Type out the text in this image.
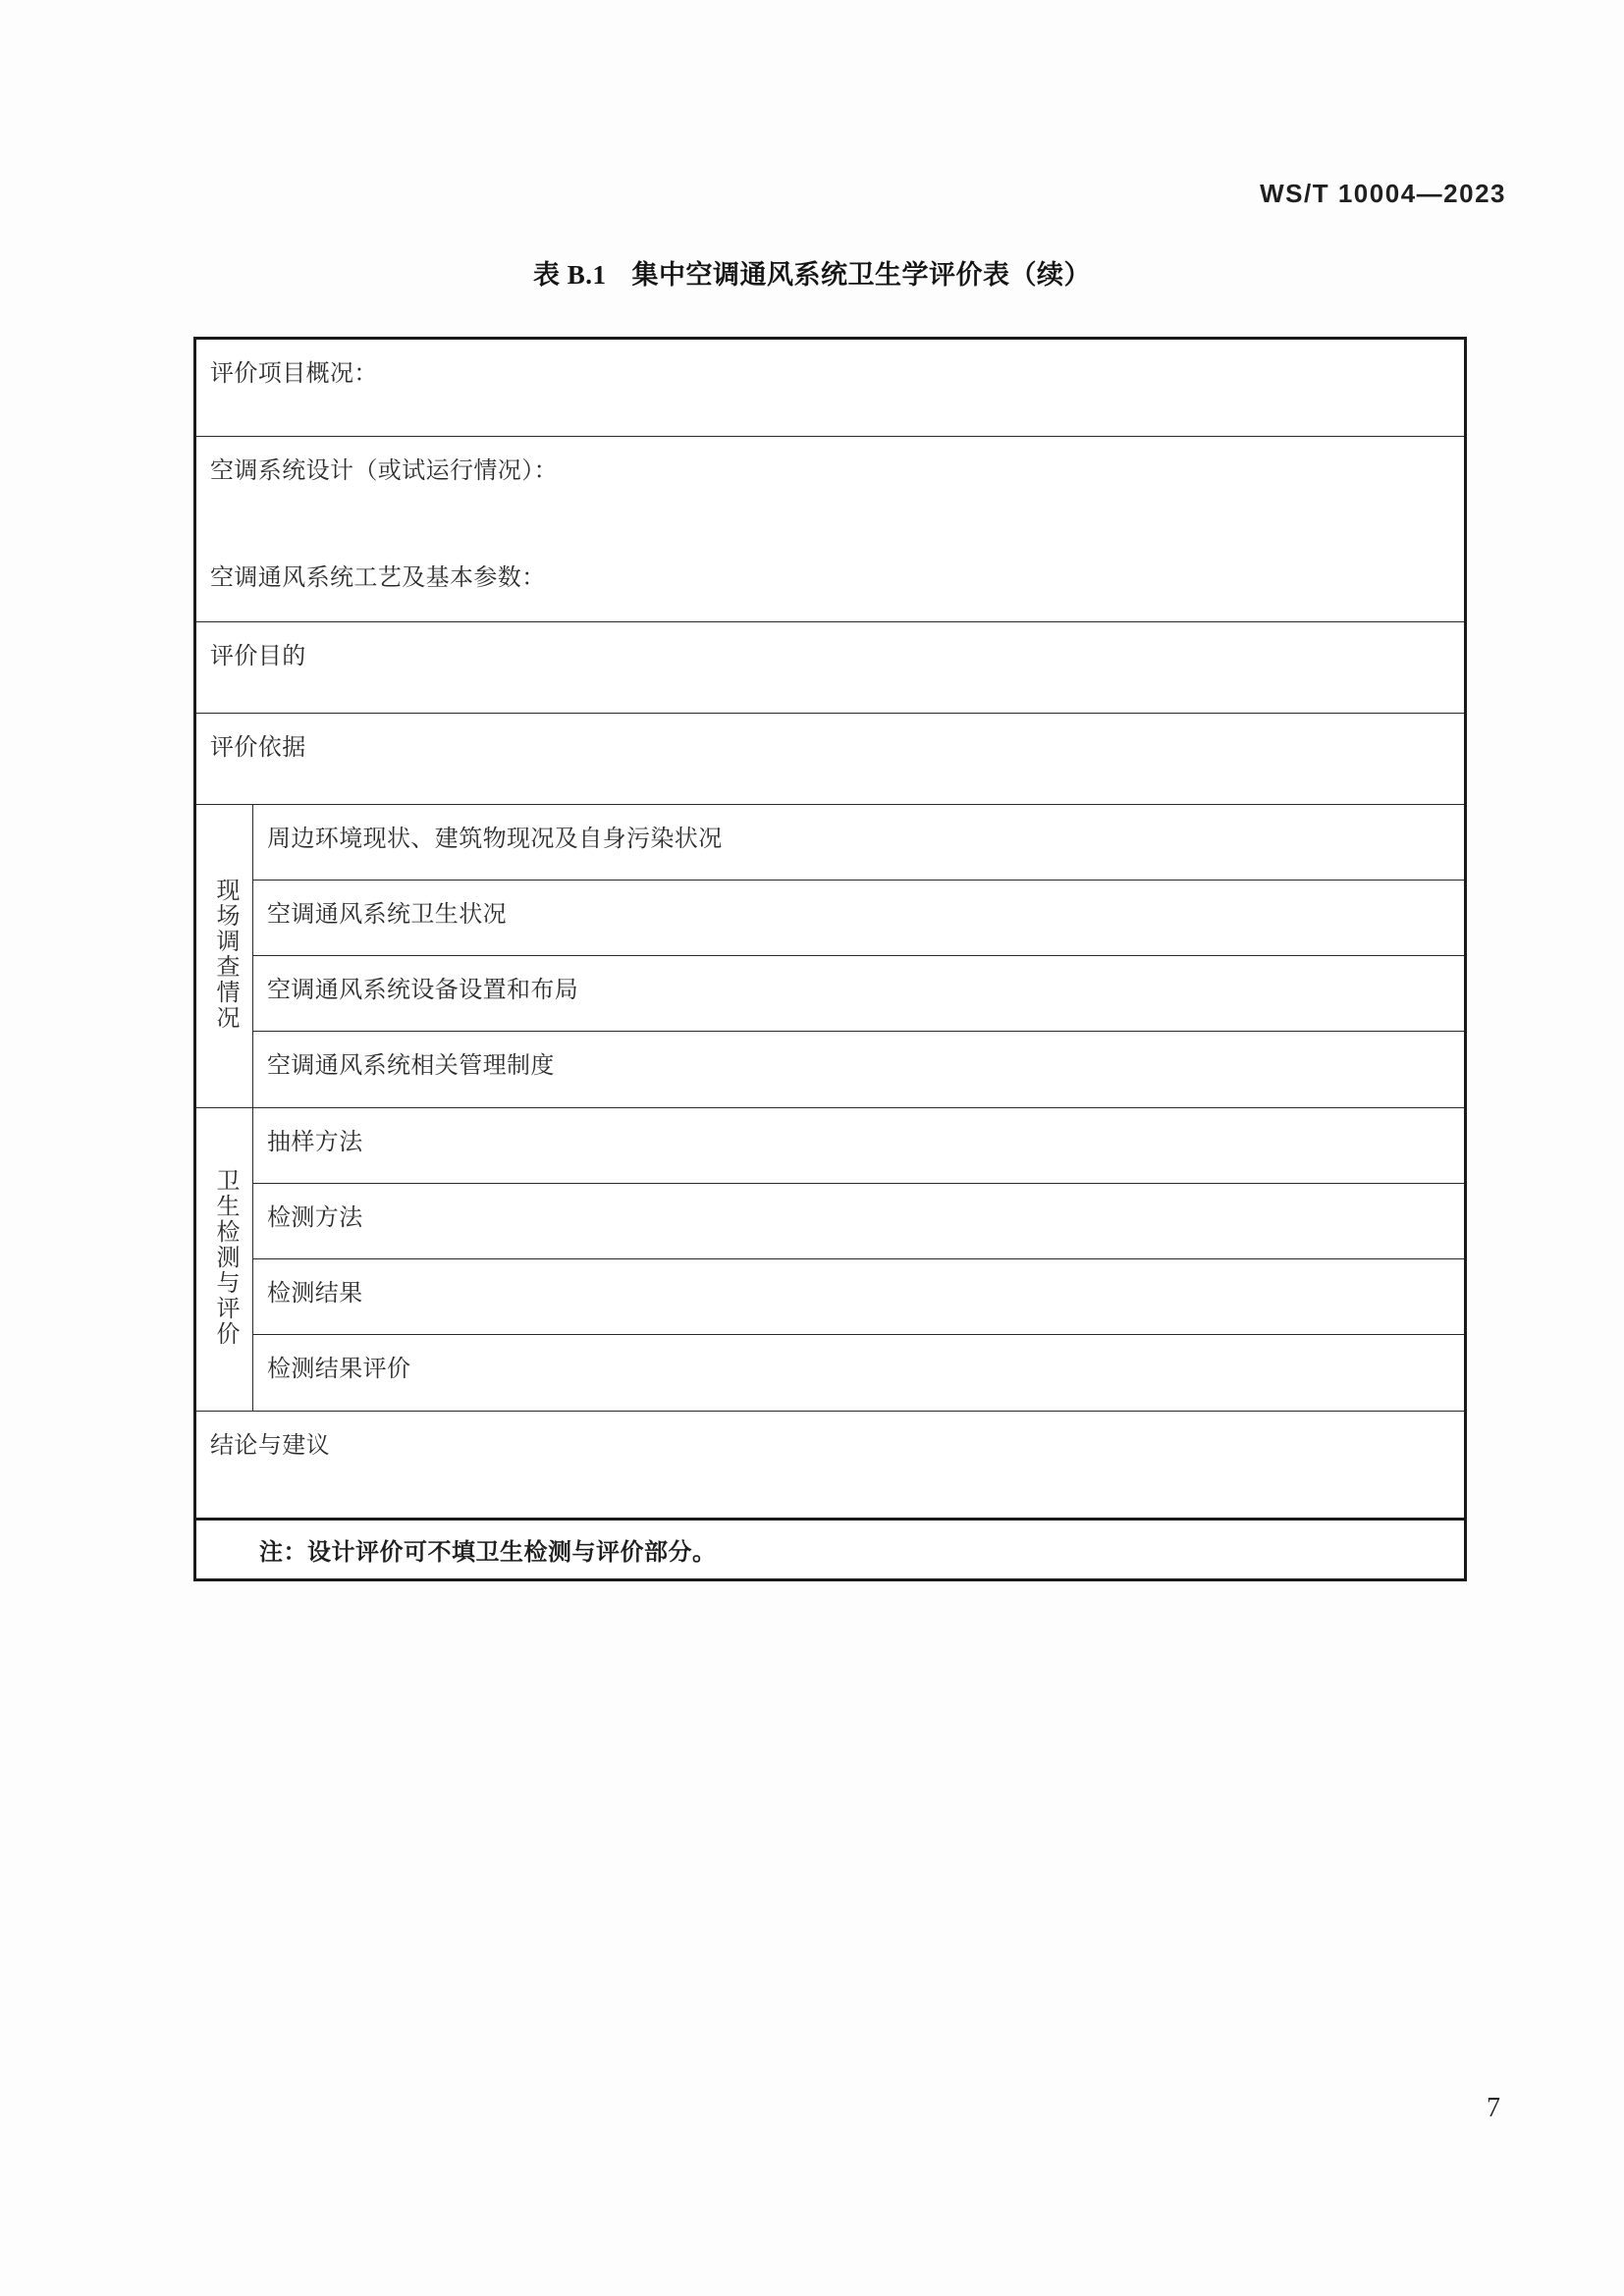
WS/T 10004—2023
表 B.1 集中空调通风系统卫生学评价表（续）
评价项目概况：	

空调系统设计（或试运行情况）：
空调通风系统工艺及基本参数：	

评价目的	

评价依据	

现场调查情况	周边环境现状、建筑物现况及自身污染状况

	空调通风系统卫生状况

	空调通风系统设备设置和布局

	空调通风系统相关管理制度

卫生检测与评价	抽样方法

	检测方法

	检测结果

	检测结果评价

结论与建议	

注：设计评价可不填卫生检测与评价部分。	
7
